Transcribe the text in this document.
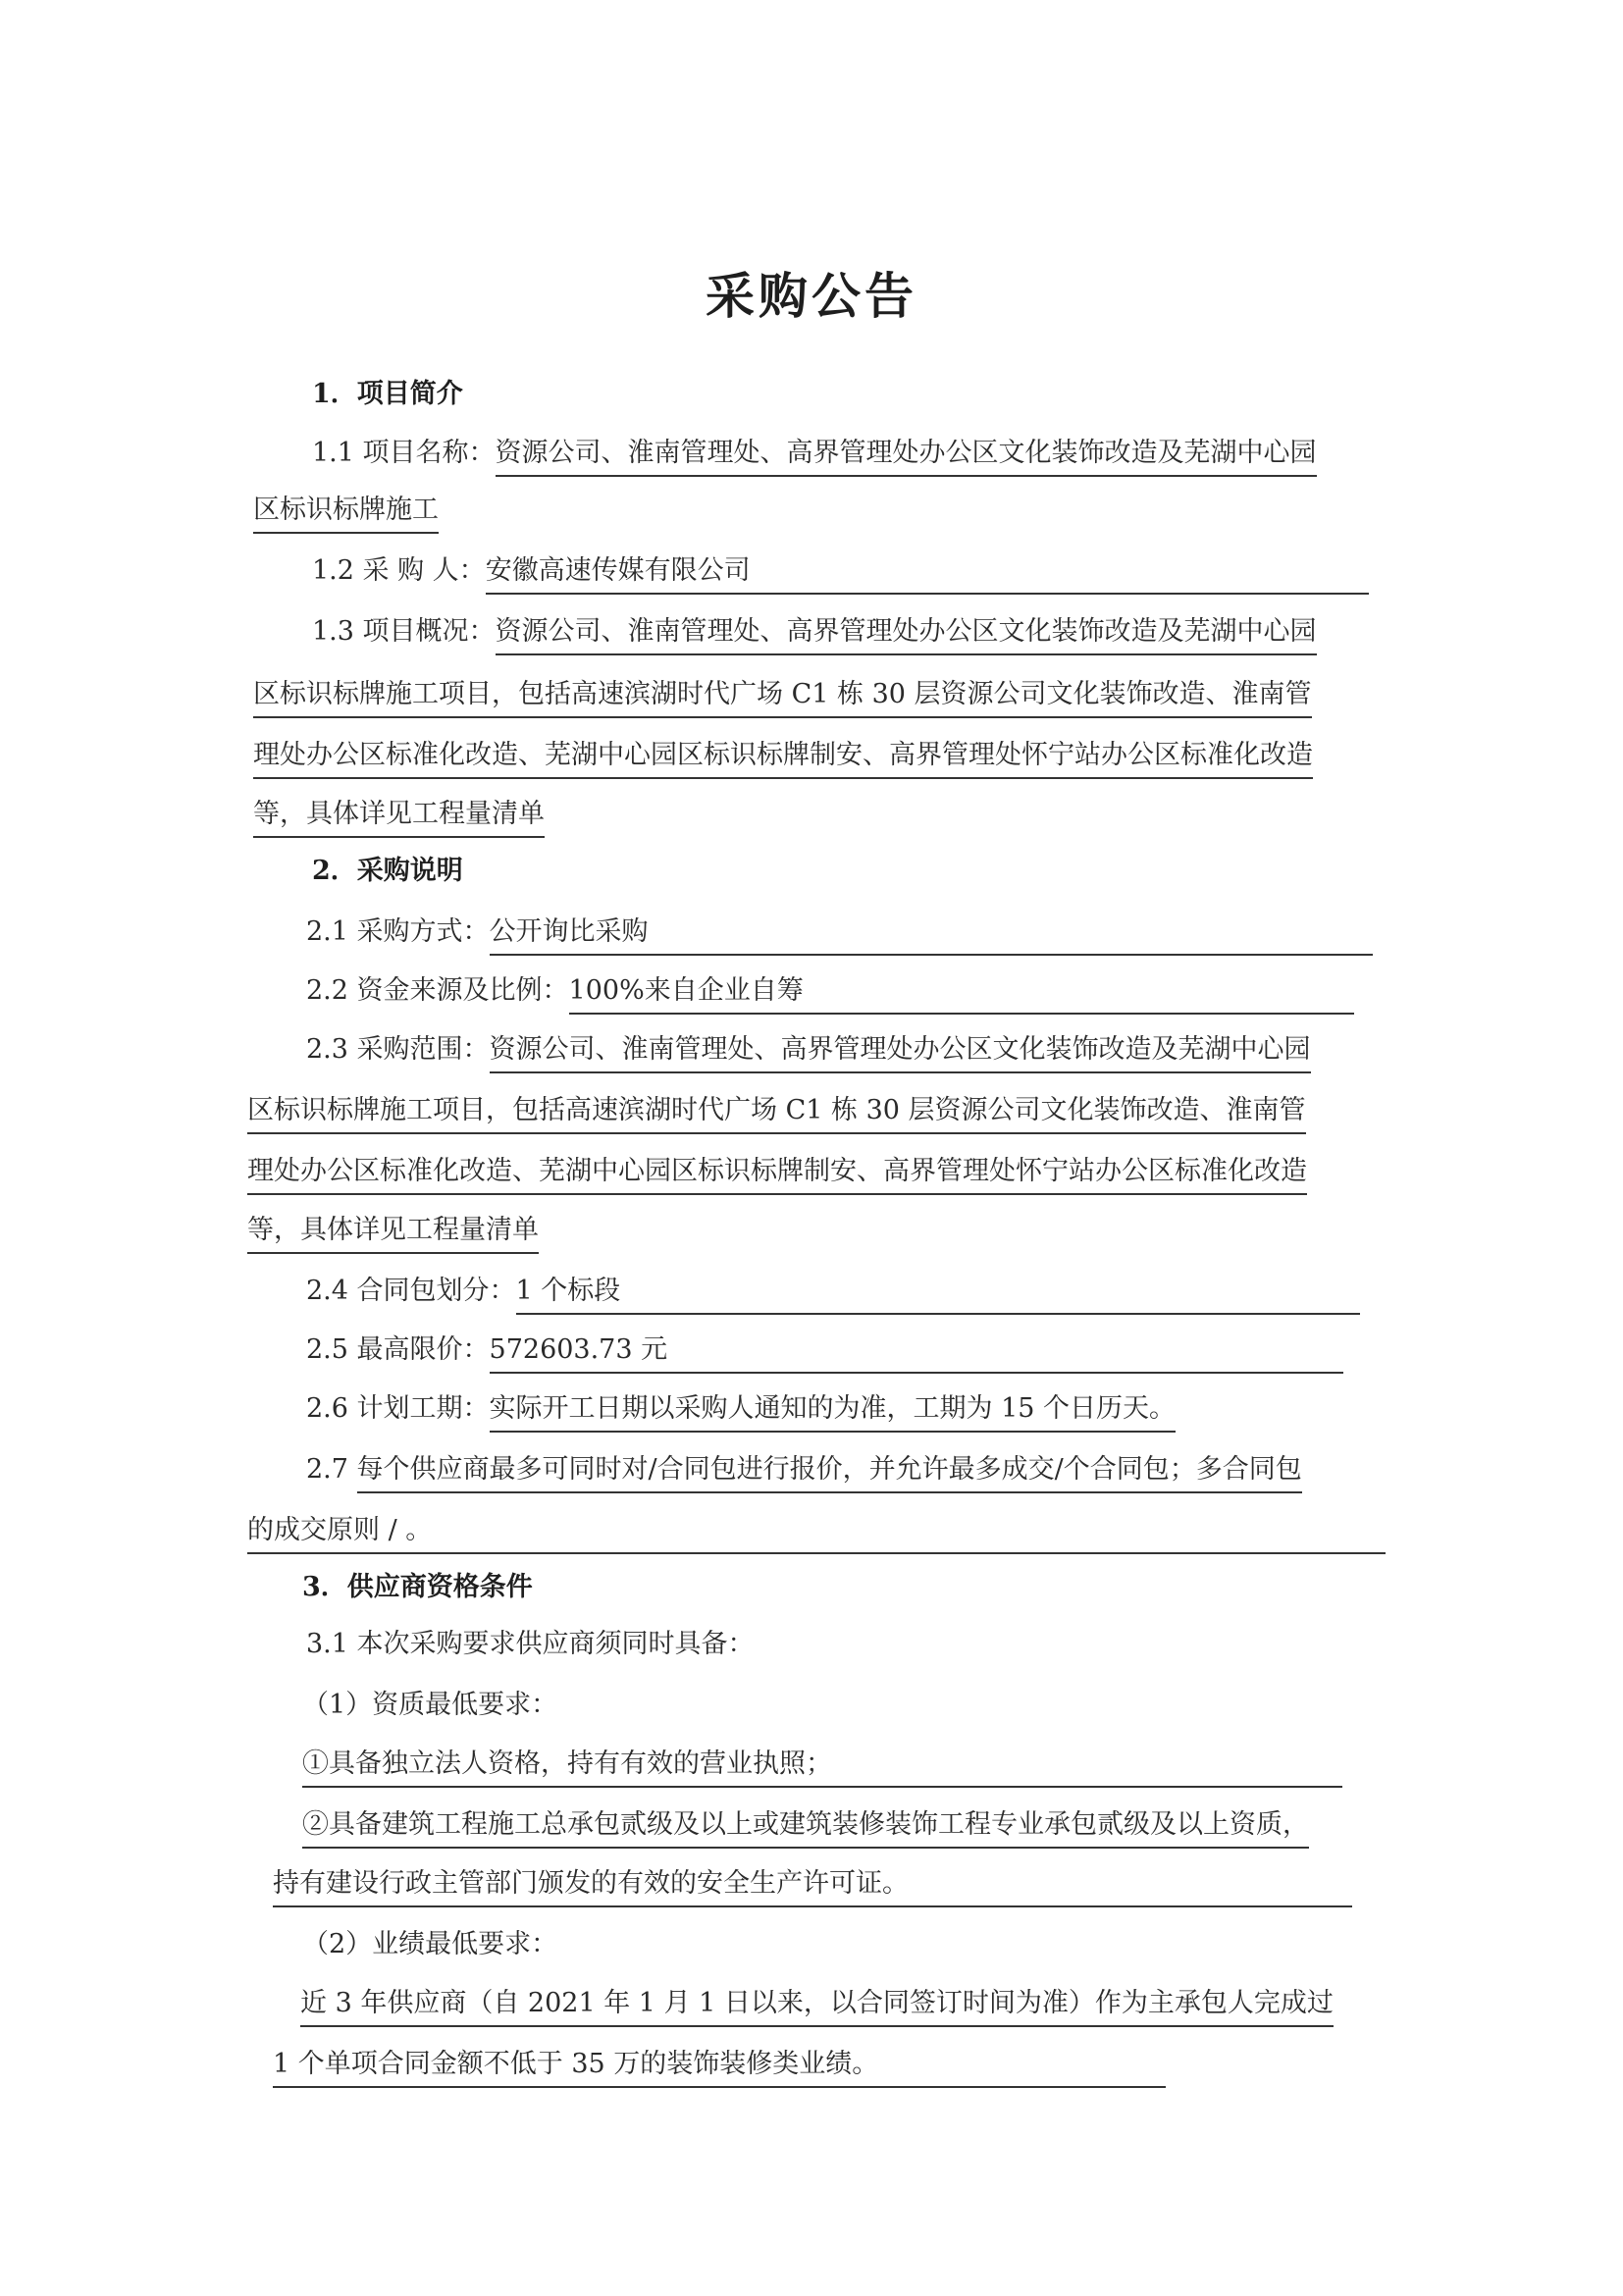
采购公告
1．项目简介
1.1 项目名称：资源公司、淮南管理处、高界管理处办公区文化装饰改造及芜湖中心园
区标识标牌施工
1.2 采 购 人：安徽高速传媒有限公司
1.3 项目概况：资源公司、淮南管理处、高界管理处办公区文化装饰改造及芜湖中心园
区标识标牌施工项目，包括高速滨湖时代广场 C1 栋 30 层资源公司文化装饰改造、淮南管
理处办公区标准化改造、芜湖中心园区标识标牌制安、高界管理处怀宁站办公区标准化改造
等，具体详见工程量清单
2．采购说明
2.1 采购方式：公开询比采购
2.2 资金来源及比例：100%来自企业自筹
2.3 采购范围：资源公司、淮南管理处、高界管理处办公区文化装饰改造及芜湖中心园
区标识标牌施工项目，包括高速滨湖时代广场 C1 栋 30 层资源公司文化装饰改造、淮南管
理处办公区标准化改造、芜湖中心园区标识标牌制安、高界管理处怀宁站办公区标准化改造
等，具体详见工程量清单
2.4 合同包划分：1 个标段
2.5 最高限价：572603.73 元
2.6 计划工期：实际开工日期以采购人通知的为准，工期为 15 个日历天。
2.7 每个供应商最多可同时对/合同包进行报价，并允许最多成交/个合同包；多合同包
的成交原则 / 。
3．供应商资格条件
3.1 本次采购要求供应商须同时具备：
（1）资质最低要求：
①具备独立法人资格，持有有效的营业执照；
②具备建筑工程施工总承包贰级及以上或建筑装修装饰工程专业承包贰级及以上资质，
持有建设行政主管部门颁发的有效的安全生产许可证。
（2）业绩最低要求：
近 3 年供应商（自 2021 年 1 月 1 日以来，以合同签订时间为准）作为主承包人完成过
1 个单项合同金额不低于 35 万的装饰装修类业绩。
